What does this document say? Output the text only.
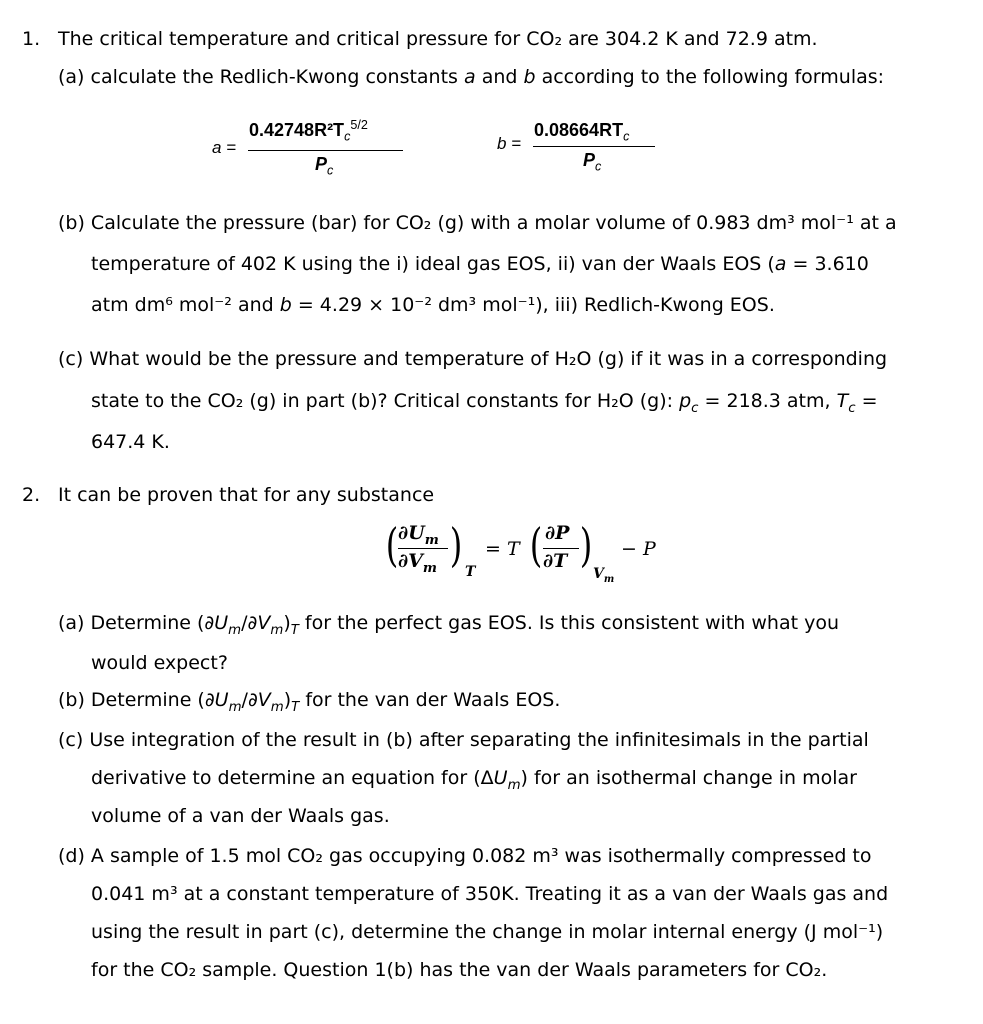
1. The critical temperature and critical pressure for CO₂ are 304.2 K and 72.9 atm.
(a) calculate the Redlich-Kwong constants a and b according to the following formulas:
a =
$0.42748R^2T_c^{5/2}$
$P_c$
b =
$0.08664RT_c$
$P_c$
(b) Calculate the pressure (bar) for CO₂ (g) with a molar volume of 0.983 dm³ mol⁻¹ at a
temperature of 402 K using the i) ideal gas EOS, ii) van der Waals EOS (a = 3.610
atm dm⁶ mol⁻² and b = 4.29 × 10⁻² dm³ mol⁻¹), iii) Redlich-Kwong EOS.
(c) What would be the pressure and temperature of H₂O (g) if it was in a corresponding
state to the CO₂ (g) in part (b)? Critical constants for H₂O (g): $p_c = 218.3$ atm, $T_c$ =
647.4 K.
2. It can be proven that for any substance
( $\partial U_m$
$\partial V_m$ ) T
= T ( ∂P
∂T )
$V_m$
− P
(a) Determine $(\partial U_m/\partial V_m)_T$ for the perfect gas EOS. Is this consistent with what you
would expect?
(b) Determine $(\partial U_m/\partial V_m)_T$ for the van der Waals EOS.
(c) Use integration of the result in (b) after separating the infinitesimals in the partial
derivative to determine an equation for $(\Delta U_m)$ for an isothermal change in molar
volume of a van der Waals gas.
(d) A sample of 1.5 mol CO₂ gas occupying 0.082 m³ was isothermally compressed to
0.041 m³ at a constant temperature of 350K. Treating it as a van der Waals gas and
using the result in part (c), determine the change in molar internal energy (J mol⁻¹)
for the CO₂ sample. Question 1(b) has the van der Waals parameters for CO₂.
